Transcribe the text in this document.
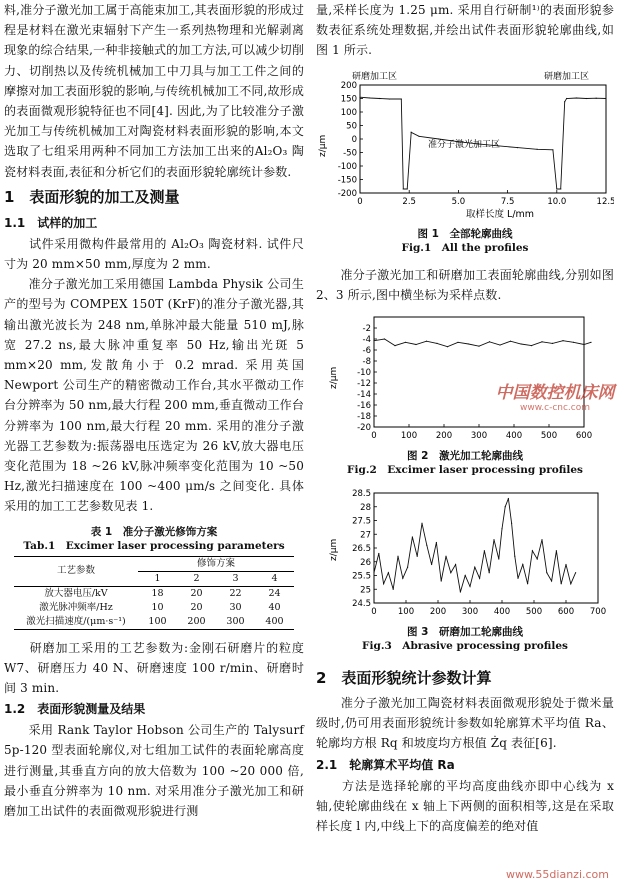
料,准分子激光加工属于高能束加工,其表面形貌的形成过程是材料在激光束辐射下产生一系列热物理和光解剥离现象的综合结果,一种非接触式的加工方法,可以减少切削力、切削热以及传统机械加工中刀具与加工工件之间的摩擦对加工表面形貌的影响,与传统机械加工不同,故形成的表面微观形貌特征也不同[4]. 因此,为了比较准分子激光加工与传统机械加工对陶瓷材料表面形貌的影响,本文选取了七组采用两种不同加工方法加工出来的Al₂O₃ 陶瓷材料表面,表征和分析它们的表面形貌轮廓统计参数.

1　表面形貌的加工及测量
1.1　试样的加工

　　试件采用微构件最常用的 Al₂O₃ 陶瓷材料. 试件尺寸为 20 mm×50 mm,厚度为 2 mm.

　　准分子激光加工采用德国 Lambda Physik 公司生产的型号为 COMPEX 150T (KrF)的准分子激光器,其输出激光波长为 248 nm,单脉冲最大能量 510 mJ,脉宽 27.2 ns,最大脉冲重复率 50 Hz,输出光斑 5 mm×20 mm,发散角小于 0.2 mrad. 采用英国 Newport 公司生产的精密微动工作台,其水平微动工作台分辨率为 50 nm,最大行程 200 mm,垂直微动工作台分辨率为 100 nm,最大行程 20 mm. 采用的准分子激光器工艺参数为:振荡器电压选定为 26 kV,放大器电压变化范围为 18 ~26 kV,脉冲频率变化范围为 10 ~50 Hz,激光扫描速度在 100 ~400 μm/s 之间变化. 具体采用的加工工艺参数见表 1.

表 1　准分子激光修饰方案

Tab.1　Excimer laser processing parameters

工艺参数	修饰方案			
	1	2	3	4
放大器电压/kV	18	20	22	24
激光脉冲频率/Hz	10	20	30	40
激光扫描速度/(μm·s⁻¹)	100	200	300	400

　　研磨加工采用的工艺参数为:金刚石研磨片的粒度 W7、研磨压力 40 N、研磨速度 100 r/min、研磨时间 3 min.

1.2　表面形貌测量及结果

　　采用 Rank Taylor Hobson 公司生产的 Talysurf 5p-120 型表面轮廓仪,对七组加工试件的表面轮廓高度进行测量,其垂直方向的放大倍数为 100 ~20 000 倍,最小垂直分辨率为 10 nm. 对采用准分子激光加工和研磨加工出试件的表面微观形貌进行测

量,采样长度为 1.25 μm. 采用自行研制¹⁾的表面形貌参数表征系统处理数据,并绘出试件表面形貌轮廓曲线,如图 1 所示.

200
150
100
50
0
-50
-100
-150
-200
0	2.5	5.0	7.5	10.0	12.5
研磨加工区	研磨加工区
准分子激光加工区
z/μm
取样长度 L/mm

图 1　全部轮廓曲线

Fig.1　All the profiles

　　准分子激光加工和研磨加工表面轮廓曲线,分别如图 2、3 所示,图中横坐标为采样点数.

-2
-4
-6
-8
-10
-12
-14
-16
-18
-20
0	100 200 300 400 500 600
z/μm

图 2　激光加工轮廓曲线

Fig.2　Excimer laser processing profiles

28.5
28
27.5
27
26.5
26
25.5
25
24.5
0 100 200 300 400 500 600 700
z/μm

图 3　研磨加工轮廓曲线

Fig.3　Abrasive processing profiles

2　表面形貌统计参数计算

　　准分子激光加工陶瓷材料表面微观形貌处于微米量级时,仍可用表面形貌统计参数如轮廓算术平均值 Ra、轮廓均方根 Rq 和坡度均方根值 Żq 表征[6].

2.1　轮廓算术平均值 Ra

　　方法是选择轮廓的平均高度曲线亦即中心线为 x 轴,使轮廓曲线在 x 轴上下两侧的面积相等,这是在采取样长度 l 内,中线上下的高度偏差的绝对值

中国数控机床网
www.c-cnc.com
www.55dianzi.com
